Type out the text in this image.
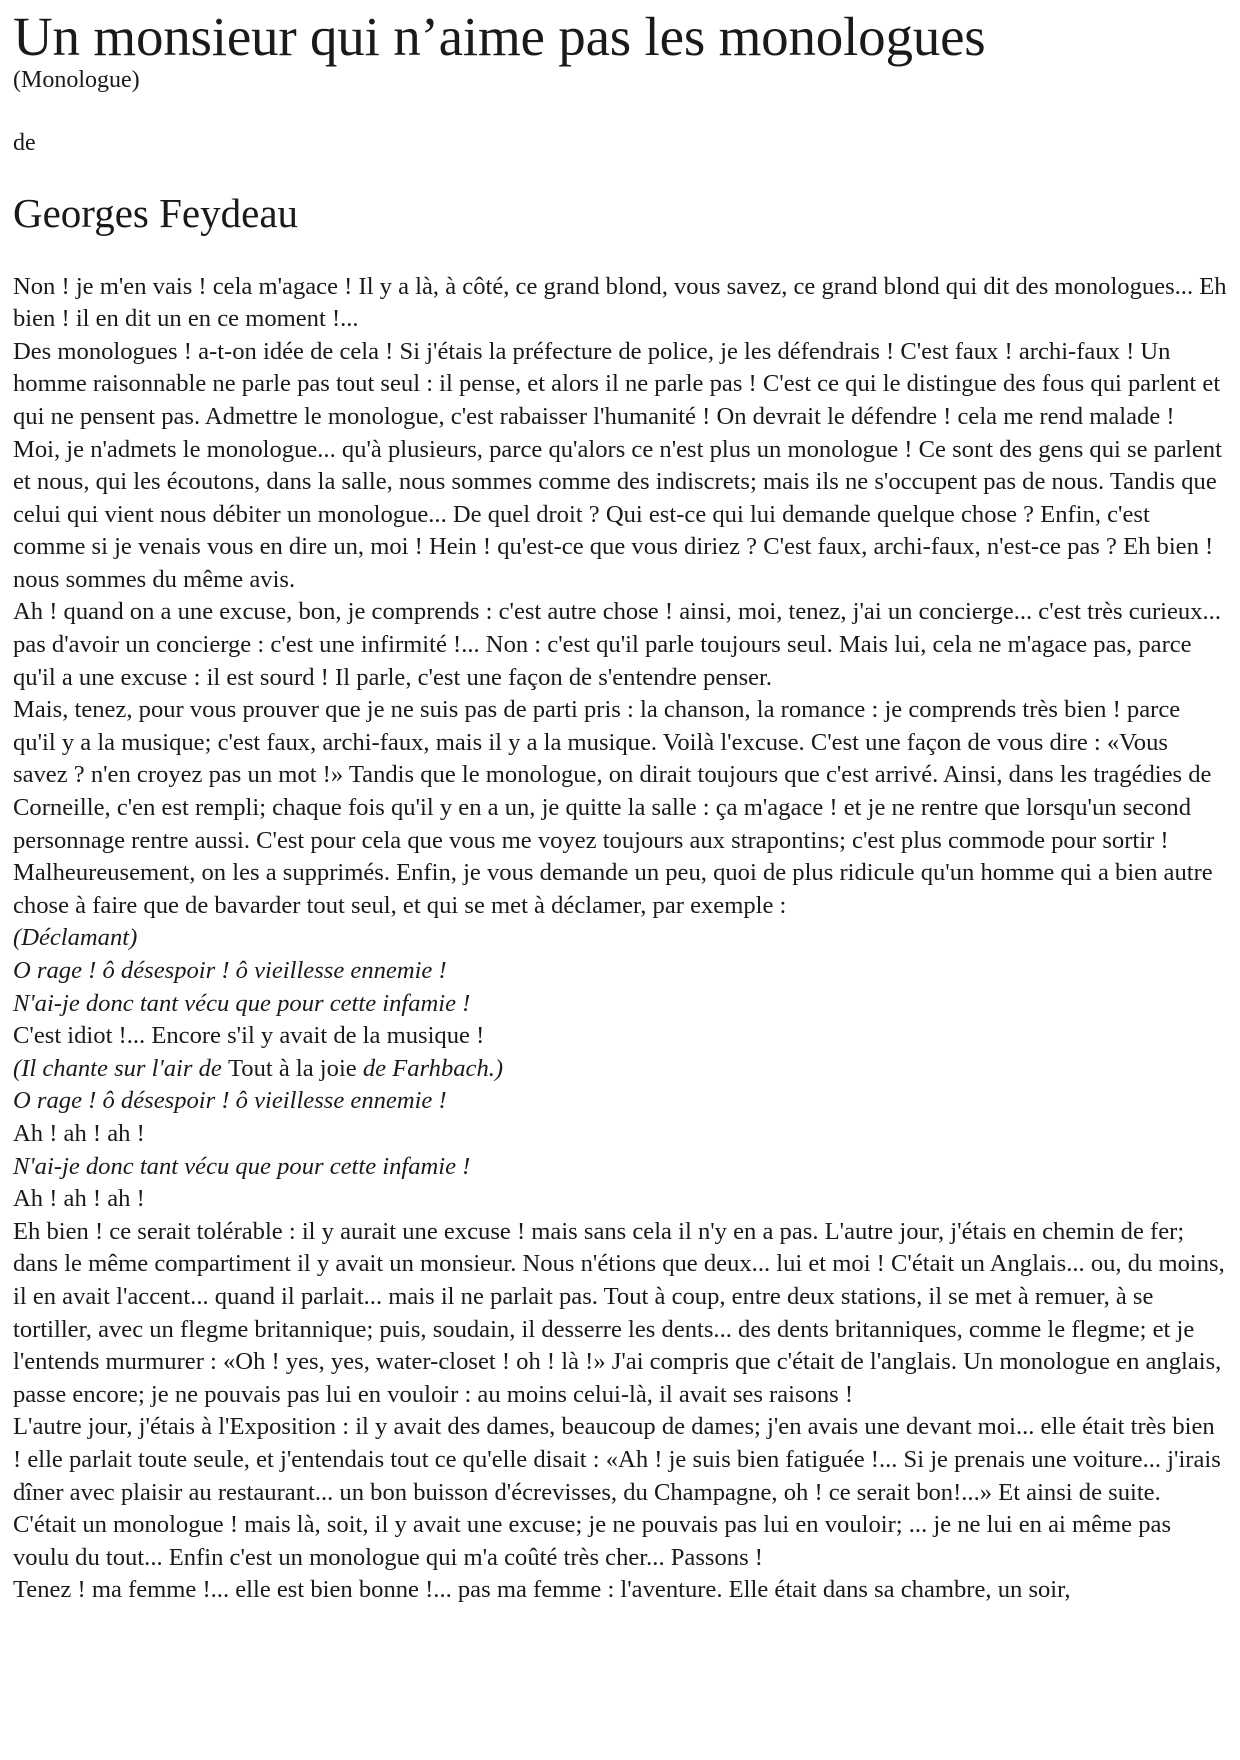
Un monsieur qui n’aime pas les monologues

(Monologue)

de

Georges Feydeau

Non ! je m'en vais ! cela m'agace ! Il y a là, à côté, ce grand blond, vous savez, ce grand blond qui dit des monologues... Eh bien ! il en dit un en ce moment !...

Des monologues ! a-t-on idée de cela ! Si j'étais la préfecture de police, je les défendrais ! C'est faux ! archi-faux ! Un homme raisonnable ne parle pas tout seul : il pense, et alors il ne parle pas ! C'est ce qui le distingue des fous qui parlent et qui ne pensent pas. Admettre le monologue, c'est rabaisser l'humanité ! On devrait le défendre ! cela me rend malade !

Moi, je n'admets le monologue... qu'à plusieurs, parce qu'alors ce n'est plus un monologue ! Ce sont des gens qui se parlent et nous, qui les écoutons, dans la salle, nous sommes comme des indiscrets; mais ils ne s'occupent pas de nous. Tandis que celui qui vient nous débiter un monologue... De quel droit ? Qui est-ce qui lui demande quelque chose ? Enfin, c'est comme si je venais vous en dire un, moi ! Hein ! qu'est-ce que vous diriez ? C'est faux, archi-faux, n'est-ce pas ? Eh bien ! nous sommes du même avis.

Ah ! quand on a une excuse, bon, je comprends : c'est autre chose ! ainsi, moi, tenez, j'ai un concierge... c'est très curieux... pas d'avoir un concierge : c'est une infirmité !... Non : c'est qu'il parle toujours seul. Mais lui, cela ne m'agace pas, parce qu'il a une excuse : il est sourd ! Il parle, c'est une façon de s'entendre penser.

Mais, tenez, pour vous prouver que je ne suis pas de parti pris : la chanson, la romance : je comprends très bien ! parce qu'il y a la musique; c'est faux, archi-faux, mais il y a la musique. Voilà l'excuse. C'est une façon de vous dire : «Vous savez ? n'en croyez pas un mot !» Tandis que le monologue, on dirait toujours que c'est arrivé. Ainsi, dans les tragédies de Corneille, c'en est rempli; chaque fois qu'il y en a un, je quitte la salle : ça m'agace ! et je ne rentre que lorsqu'un second personnage rentre aussi. C'est pour cela que vous me voyez toujours aux strapontins; c'est plus commode pour sortir ! Malheureusement, on les a supprimés. Enfin, je vous demande un peu, quoi de plus ridicule qu'un homme qui a bien autre chose à faire que de bavarder tout seul, et qui se met à déclamer, par exemple :

(Déclamant)

O rage ! ô désespoir ! ô vieillesse ennemie !

N'ai-je donc tant vécu que pour cette infamie !

C'est idiot !... Encore s'il y avait de la musique !

(Il chante sur l'air de Tout à la joie de Farhbach.)

O rage ! ô désespoir ! ô vieillesse ennemie !

Ah ! ah ! ah !

N'ai-je donc tant vécu que pour cette infamie !

Ah ! ah ! ah !

Eh bien ! ce serait tolérable : il y aurait une excuse ! mais sans cela il n'y en a pas. L'autre jour, j'étais en chemin de fer; dans le même compartiment il y avait un monsieur. Nous n'étions que deux... lui et moi ! C'était un Anglais... ou, du moins, il en avait l'accent... quand il parlait... mais il ne parlait pas. Tout à coup, entre deux stations, il se met à remuer, à se tortiller, avec un flegme britannique; puis, soudain, il desserre les dents... des dents britanniques, comme le flegme; et je l'entends murmurer : «Oh ! yes, yes, water-closet ! oh ! là !» J'ai compris que c'était de l'anglais. Un monologue en anglais, passe encore; je ne pouvais pas lui en vouloir : au moins celui-là, il avait ses raisons !

L'autre jour, j'étais à l'Exposition : il y avait des dames, beaucoup de dames; j'en avais une devant moi... elle était très bien ! elle parlait toute seule, et j'entendais tout ce qu'elle disait : «Ah ! je suis bien fatiguée !... Si je prenais une voiture... j'irais dîner avec plaisir au restaurant... un bon buisson d'écrevisses, du Champagne, oh ! ce serait bon!...» Et ainsi de suite. C'était un monologue ! mais là, soit, il y avait une excuse; je ne pouvais pas lui en vouloir; ... je ne lui en ai même pas voulu du tout... Enfin c'est un monologue qui m'a coûté très cher... Passons !

Tenez ! ma femme !... elle est bien bonne !... pas ma femme : l'aventure. Elle était dans sa chambre, un soir,
